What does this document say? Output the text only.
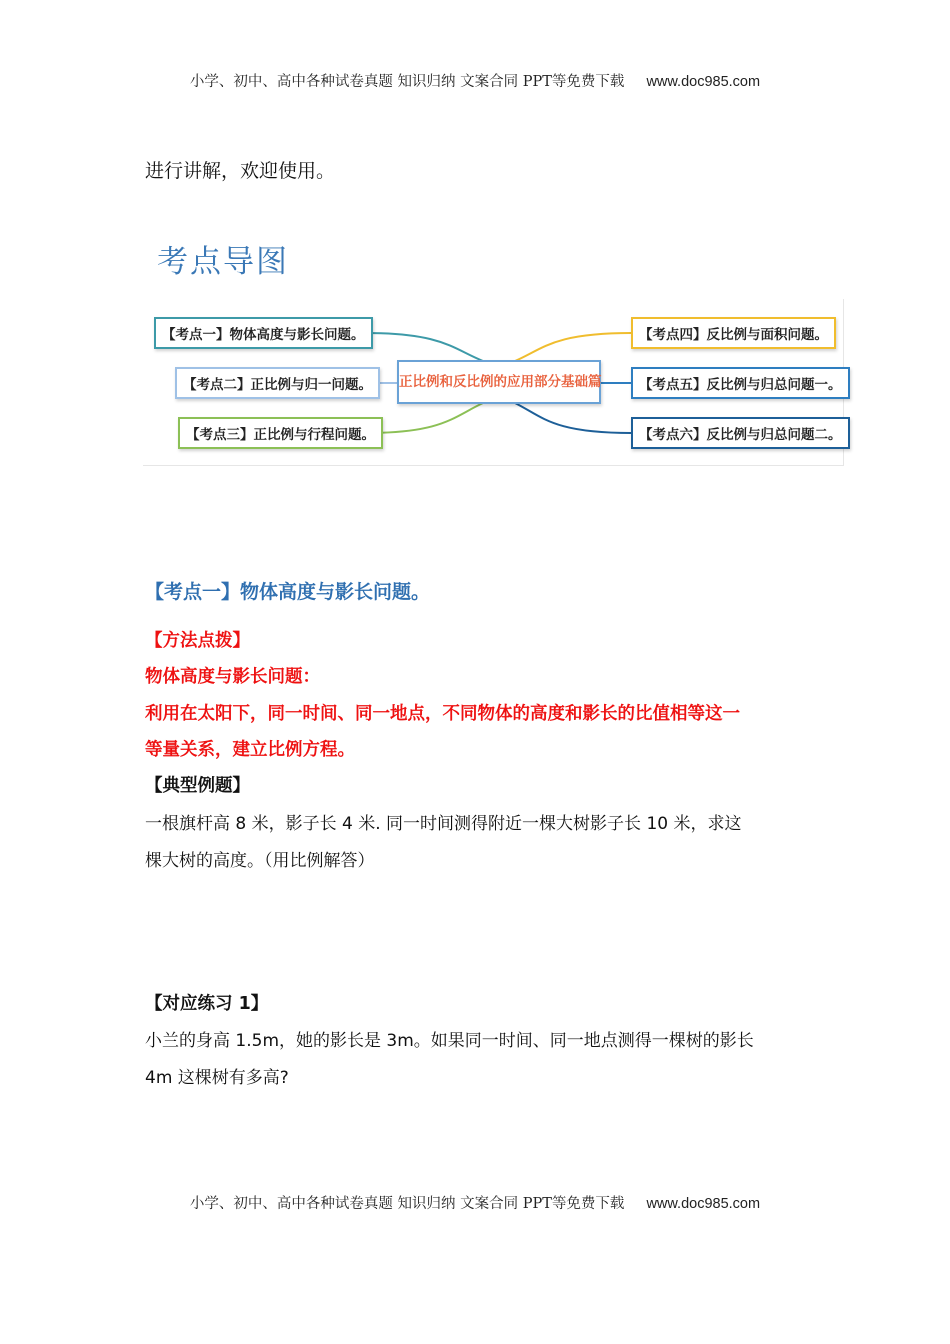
小学、初中、高中各种试卷真题 知识归纳 文案合同 PPT等免费下载 www.doc985.com
进行讲解，欢迎使用。
考点导图
【考点一】物体高度与影长问题。
【考点二】正比例与归一问题。
【考点三】正比例与行程问题。
正比例和反比例的应用部分基础篇
【考点四】反比例与面积问题。
【考点五】反比例与归总问题一。
【考点六】反比例与归总问题二。
【考点一】物体高度与影长问题。
【方法点拨】
物体高度与影长问题：
利用在太阳下，同一时间、同一地点，不同物体的高度和影长的比值相等这一
等量关系，建立比例方程。
【典型例题】
一根旗杆高 8 米，影子长 4 米. 同一时间测得附近一棵大树影子长 10 米，求这
棵大树的高度。（用比例解答）
【对应练习 1】
小兰的身高 1.5m，她的影长是 3m。如果同一时间、同一地点测得一棵树的影长
4m 这棵树有多高?
小学、初中、高中各种试卷真题 知识归纳 文案合同 PPT等免费下载 www.doc985.com
